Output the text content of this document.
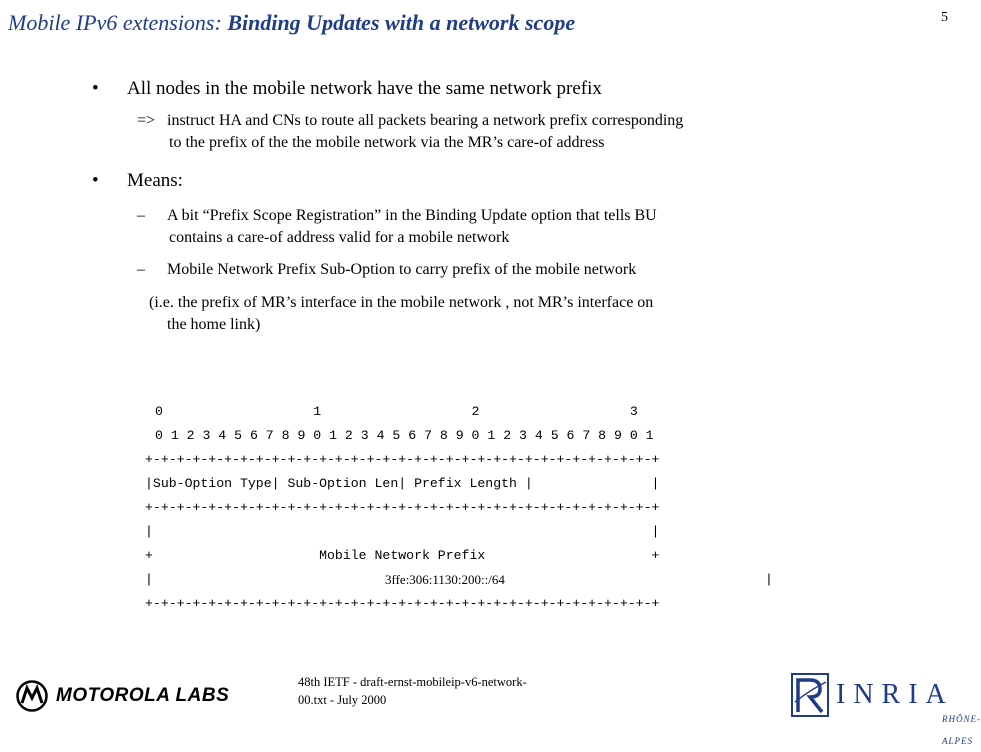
Mobile IPv6 extensions: Binding Updates with a network scope	5
• All nodes in the mobile network have the same network prefix
=> instruct HA and CNs to route all packets bearing a network prefix corresponding
to the prefix of the the mobile network via the MR’s care-of address
• Means:
– A bit “Prefix Scope Registration” in the Binding Update option that tells BU
contains a care-of address valid for a mobile network
– Mobile Network Prefix Sub-Option to carry prefix of the mobile network
(i.e. the prefix of MR’s interface in the mobile network , not MR’s interface on
the home link)
0                   1                   2                   3
0 1 2 3 4 5 6 7 8 9 0 1 2 3 4 5 6 7 8 9 0 1 2 3 4 5 6 7 8 9 0 1
+-+-+-+-+-+-+-+-+-+-+-+-+-+-+-+-+-+-+-+-+-+-+-+-+-+-+-+-+-+-+-+-+
|Sub-Option Type| Sub-Option Len| Prefix Length |               |
+-+-+-+-+-+-+-+-+-+-+-+-+-+-+-+-+-+-+-+-+-+-+-+-+-+-+-+-+-+-+-+-+
|                                                               |
+                     Mobile Network Prefix                     +
|	3ffe:306:1130:200::/64	|
+-+-+-+-+-+-+-+-+-+-+-+-+-+-+-+-+-+-+-+-+-+-+-+-+-+-+-+-+-+-+-+-+
MOTOROLA LABS
48th IETF - draft-ernst-mobileip-v6-network-
00.txt - July 2000	INRIA
RHÔNE-ALPES
